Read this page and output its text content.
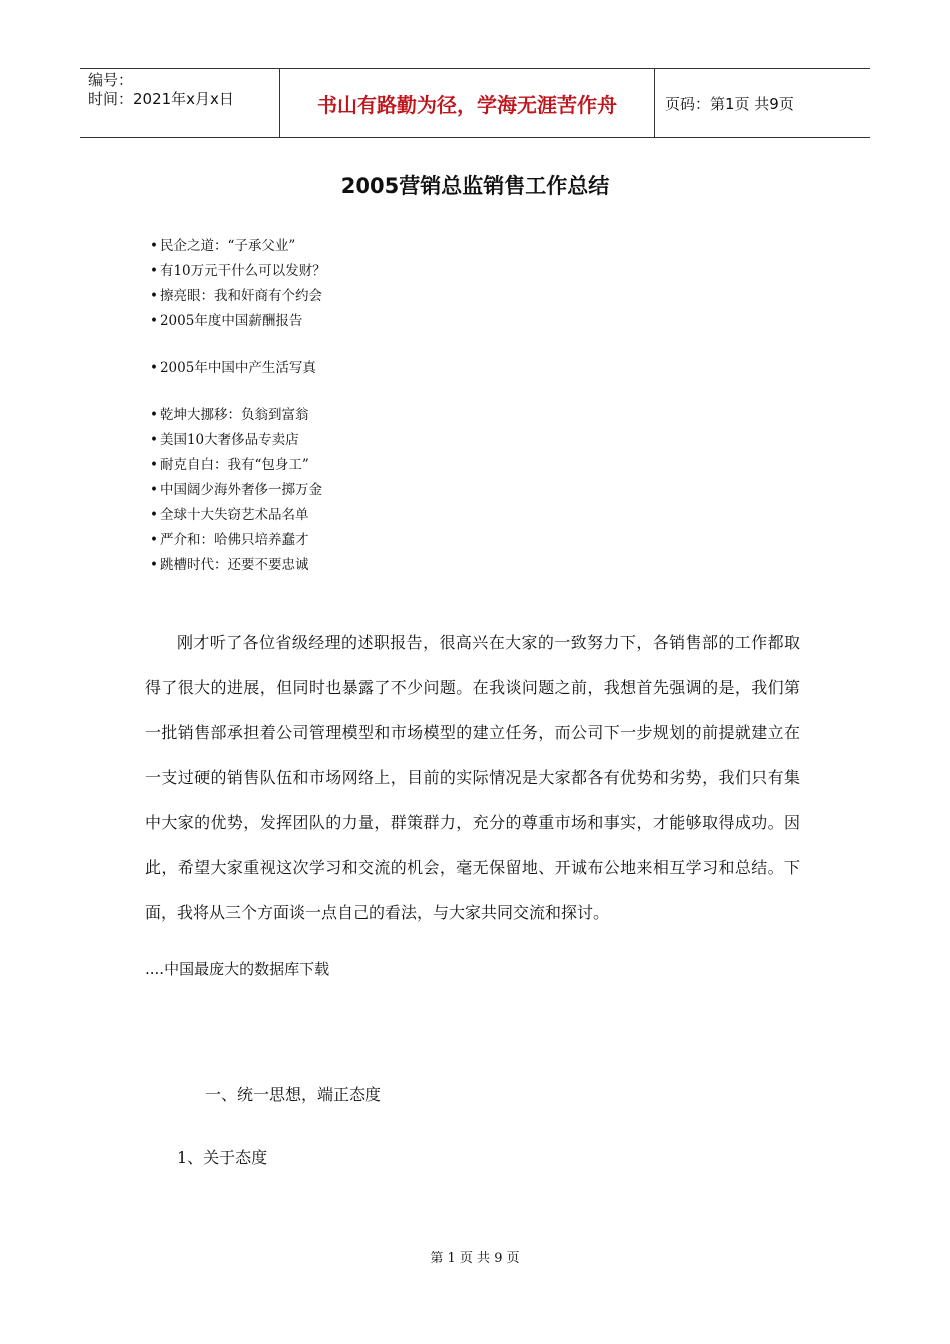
编号：
时间：2021年x月x日	书山有路勤为径，学海无涯苦作舟	页码：第1页 共9页
2005营销总监销售工作总结
• 民企之道：“子承父业”
• 有10万元干什么可以发财？
• 擦亮眼：我和奸商有个约会
• 2005年度中国薪酬报告
• 2005年中国中产生活写真
• 乾坤大挪移：负翁到富翁
• 美国10大奢侈品专卖店
• 耐克自白：我有“包身工”
• 中国阔少海外奢侈一掷万金
• 全球十大失窃艺术品名单
• 严介和：哈佛只培养蠢才
• 跳槽时代：还要不要忠诚
刚才听了各位省级经理的述职报告，很高兴在大家的一致努力下，各销售部的工作都取得了很大的进展，但同时也暴露了不少问题。在我谈问题之前，我想首先强调的是，我们第一批销售部承担着公司管理模型和市场模型的建立任务，而公司下一步规划的前提就建立在一支过硬的销售队伍和市场网络上，目前的实际情况是大家都各有优势和劣势，我们只有集中大家的优势，发挥团队的力量，群策群力，充分的尊重市场和事实，才能够取得成功。因此，希望大家重视这次学习和交流的机会，毫无保留地、开诚布公地来相互学习和总结。下面，我将从三个方面谈一点自己的看法，与大家共同交流和探讨。
....中国最庞大的数据库下载
一、统一思想，端正态度
1、关于态度
第 1 页 共 9 页
